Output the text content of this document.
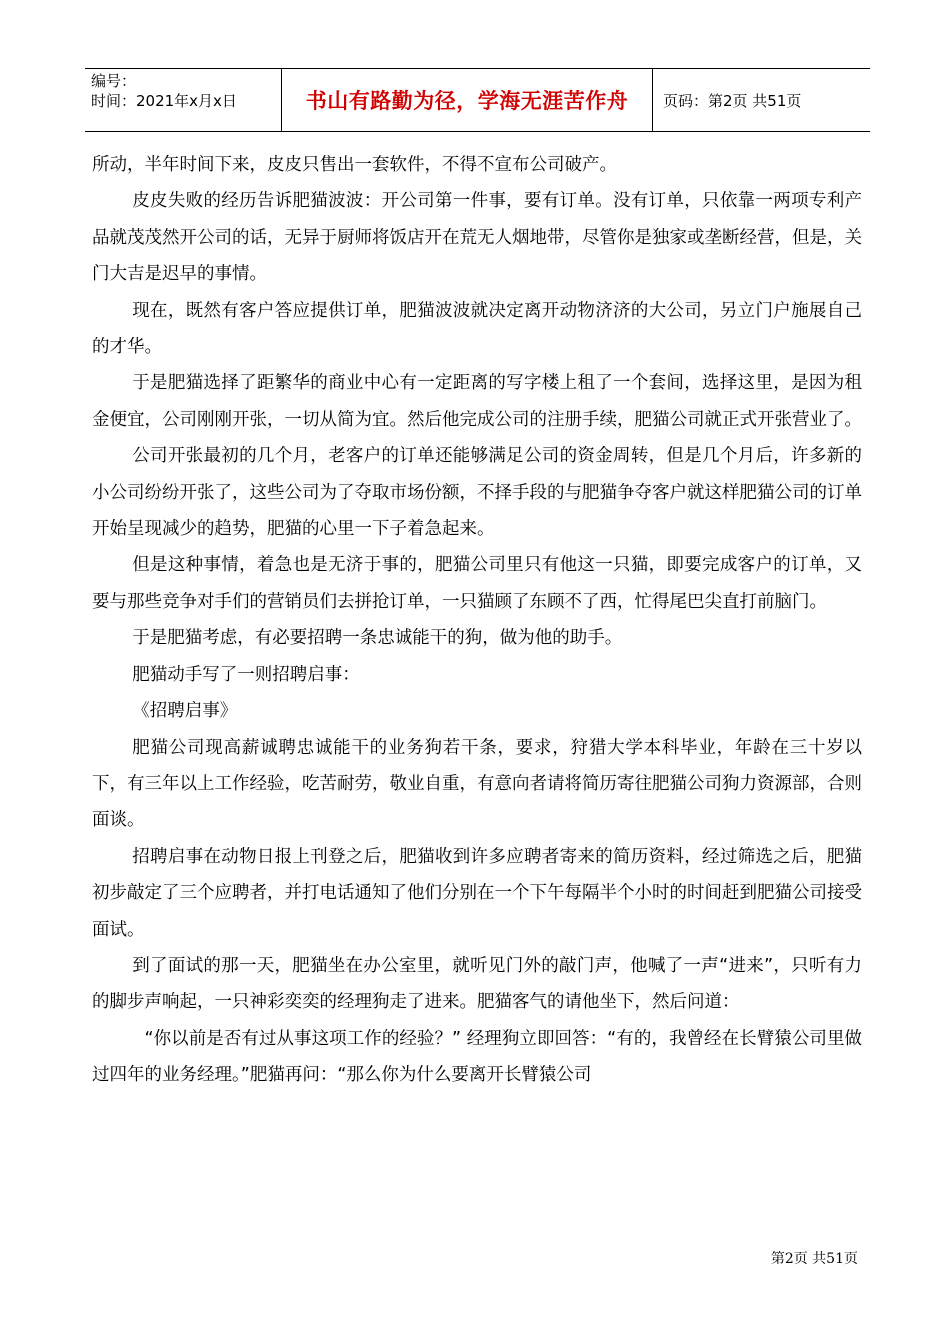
编号：
时间：2021年x月x日	书山有路勤为径，学海无涯苦作舟	页码：第2页 共51页

所动，半年时间下来，皮皮只售出一套软件，不得不宣布公司破产。

皮皮失败的经历告诉肥猫波波：开公司第一件事，要有订单。没有订单，只依靠一两项专利产品就茂茂然开公司的话，无异于厨师将饭店开在荒无人烟地带，尽管你是独家或垄断经营，但是，关门大吉是迟早的事情。

现在，既然有客户答应提供订单，肥猫波波就决定离开动物济济的大公司，另立门户施展自己的才华。

于是肥猫选择了距繁华的商业中心有一定距离的写字楼上租了一个套间，选择这里，是因为租金便宜，公司刚刚开张，一切从简为宜。然后他完成公司的注册手续，肥猫公司就正式开张营业了。

公司开张最初的几个月，老客户的订单还能够满足公司的资金周转，但是几个月后，许多新的小公司纷纷开张了，这些公司为了夺取市场份额，不择手段的与肥猫争夺客户就这样肥猫公司的订单开始呈现减少的趋势，肥猫的心里一下子着急起来。

但是这种事情，着急也是无济于事的，肥猫公司里只有他这一只猫，即要完成客户的订单，又要与那些竞争对手们的营销员们去拼抢订单，一只猫顾了东顾不了西，忙得尾巴尖直打前脑门。

于是肥猫考虑，有必要招聘一条忠诚能干的狗，做为他的助手。

肥猫动手写了一则招聘启事：

《招聘启事》

肥猫公司现高薪诚聘忠诚能干的业务狗若干条，要求，狩猎大学本科毕业，年龄在三十岁以下，有三年以上工作经验，吃苦耐劳，敬业自重，有意向者请将简历寄往肥猫公司狗力资源部，合则面谈。

招聘启事在动物日报上刊登之后，肥猫收到许多应聘者寄来的简历资料，经过筛选之后，肥猫初步敲定了三个应聘者，并打电话通知了他们分别在一个下午每隔半个小时的时间赶到肥猫公司接受面试。

到了面试的那一天，肥猫坐在办公室里，就听见门外的敲门声，他喊了一声“进来”，只听有力的脚步声响起，一只神彩奕奕的经理狗走了进来。肥猫客气的请他坐下，然后问道：

“你以前是否有过从事这项工作的经验？” 经理狗立即回答：“有的，我曾经在长臂猿公司里做过四年的业务经理。”肥猫再问：“那么你为什么要离开长臂猿公司

第2页 共51页
